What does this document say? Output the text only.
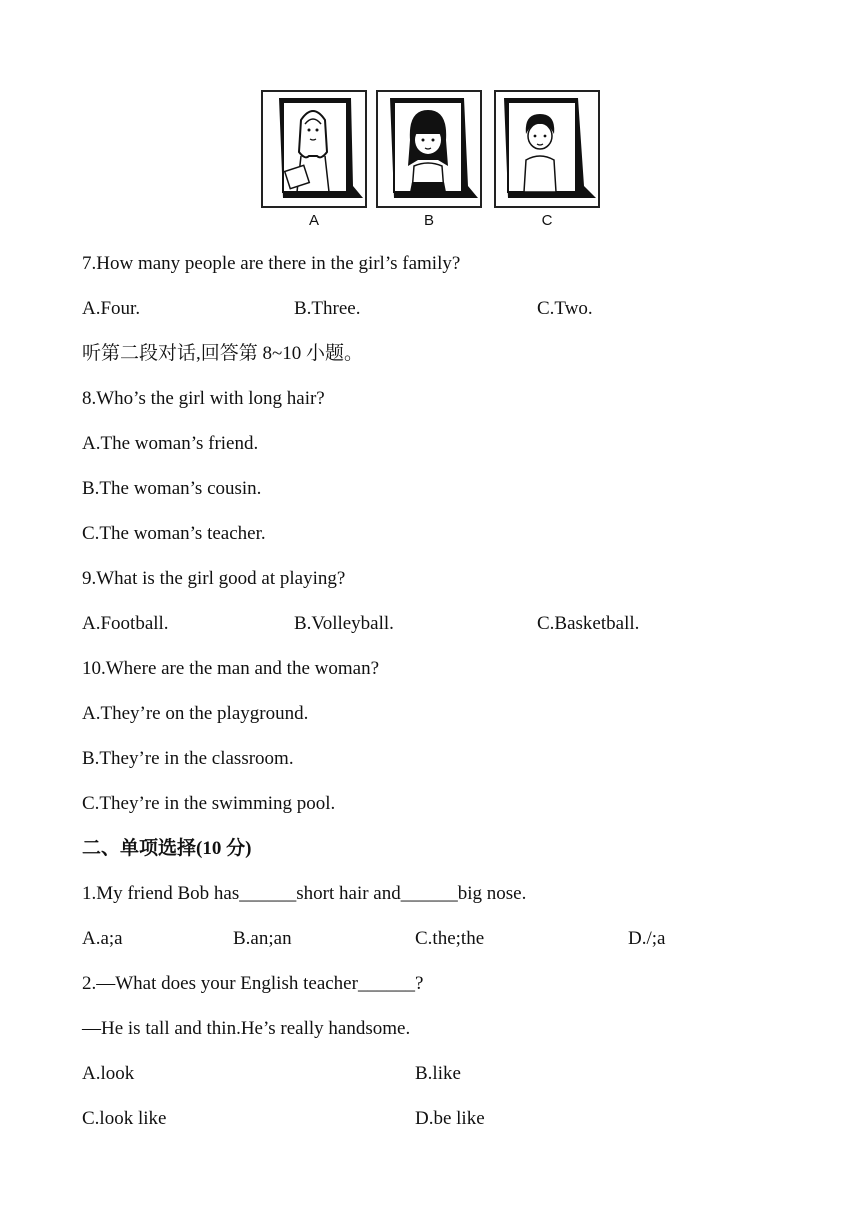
A	B	C
7.How many people are there in the girl’s family?
A.Four.	B.Three.	C.Two.
听第二段对话,回答第 8~10 小题。
8.Who’s the girl with long hair?
A.The woman’s friend.
B.The woman’s cousin.
C.The woman’s teacher.
9.What is the girl good at playing?
A.Football.	B.Volleyball.	C.Basketball.
10.Where are the man and the woman?
A.They’re on the playground.
B.They’re in the classroom.
C.They’re in the swimming pool.
二、单项选择(10 分)
1.My friend Bob has______short hair and______big nose.
A.a;a	B.an;an	C.the;the	D./;a
2.—What does your English teacher______?
—He is tall and thin.He’s really handsome.
A.look	B.like
C.look like	D.be like
